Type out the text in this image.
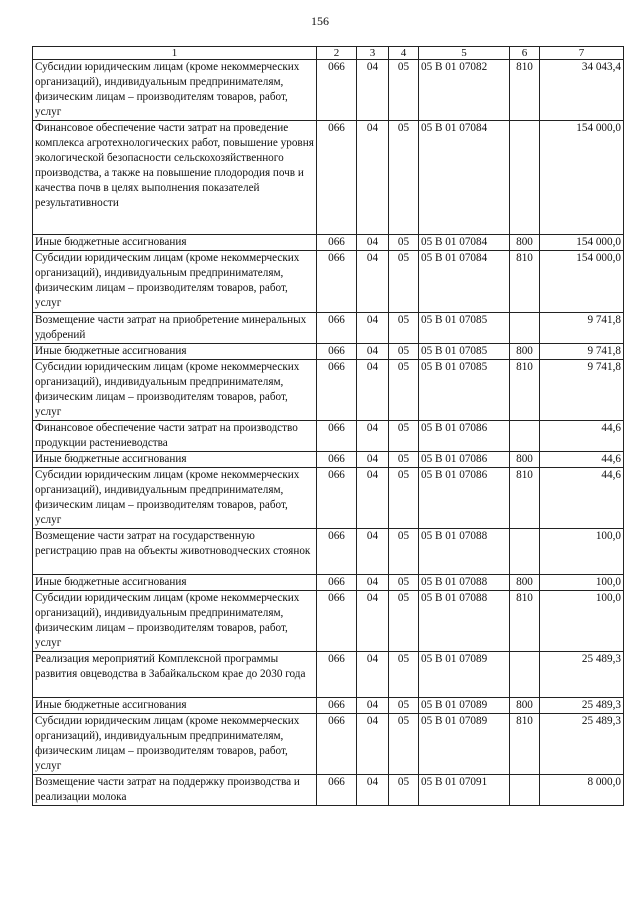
156
1	2	3	4	5	6	7
Субсидии юридическим лицам (кроме некоммерческих организаций), индивидуальным предпринимателям, физическим лицам – производителям товаров, работ, услуг	066	04	05	05 В 01 07082	810	34 043,4
Финансовое обеспечение части затрат на проведение комплекса агротехнологических работ, повышение уровня экологической безопасности сельскохозяйственного производства, а также на повышение плодородия почв и качества почв в целях выполнения показателей результативности	066	04	05	05 В 01 07084		154 000,0
Иные бюджетные ассигнования	066	04	05	05 В 01 07084	800	154 000,0
Субсидии юридическим лицам (кроме некоммерческих организаций), индивидуальным предпринимателям, физическим лицам – производителям товаров, работ, услуг	066	04	05	05 В 01 07084	810	154 000,0
Возмещение части затрат на приобретение минеральных удобрений	066	04	05	05 В 01 07085		9 741,8
Иные бюджетные ассигнования	066	04	05	05 В 01 07085	800	9 741,8
Субсидии юридическим лицам (кроме некоммерческих организаций), индивидуальным предпринимателям, физическим лицам – производителям товаров, работ, услуг	066	04	05	05 В 01 07085	810	9 741,8
Финансовое обеспечение части затрат на производство продукции растениеводства	066	04	05	05 В 01 07086		44,6
Иные бюджетные ассигнования	066	04	05	05 В 01 07086	800	44,6
Субсидии юридическим лицам (кроме некоммерческих организаций), индивидуальным предпринимателям, физическим лицам – производителям товаров, работ, услуг	066	04	05	05 В 01 07086	810	44,6
Возмещение части затрат на государственную регистрацию прав на объекты животноводческих стоянок	066	04	05	05 В 01 07088		100,0
Иные бюджетные ассигнования	066	04	05	05 В 01 07088	800	100,0
Субсидии юридическим лицам (кроме некоммерческих организаций), индивидуальным предпринимателям, физическим лицам – производителям товаров, работ, услуг	066	04	05	05 В 01 07088	810	100,0
Реализация мероприятий Комплексной программы развития овцеводства в Забайкальском крае до 2030 года	066	04	05	05 В 01 07089		25 489,3
Иные бюджетные ассигнования	066	04	05	05 В 01 07089	800	25 489,3
Субсидии юридическим лицам (кроме некоммерческих организаций), индивидуальным предпринимателям, физическим лицам – производителям товаров, работ, услуг	066	04	05	05 В 01 07089	810	25 489,3
Возмещение части затрат на поддержку производства и реализации молока	066	04	05	05 В 01 07091		8 000,0
